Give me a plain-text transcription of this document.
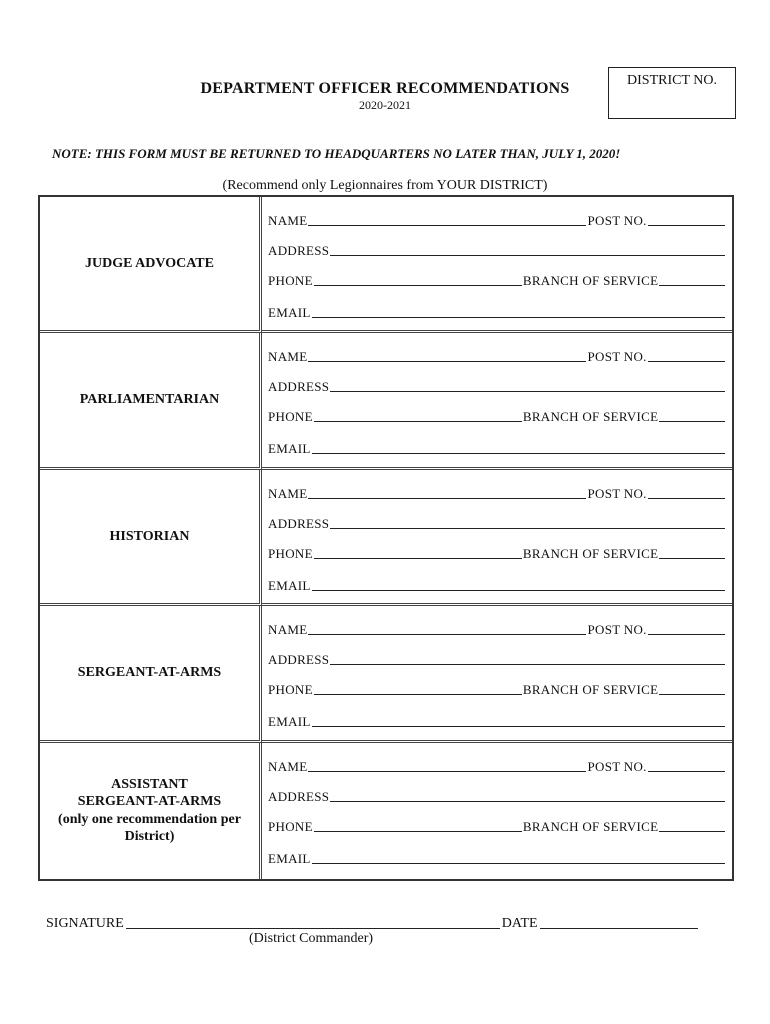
DEPARTMENT OFFICER RECOMMENDATIONS
2020-2021
DISTRICT NO.
NOTE: THIS FORM MUST BE RETURNED TO HEADQUARTERS NO LATER THAN, JULY 1, 2020!
(Recommend only Legionnaires from YOUR DISTRICT)
JUDGE ADVOCATE
NAME	POST NO.
ADDRESS
PHONE	BRANCH OF SERVICE
EMAIL
PARLIAMENTARIAN
NAME	POST NO.
ADDRESS
PHONE	BRANCH OF SERVICE
EMAIL
HISTORIAN
NAME	POST NO.
ADDRESS
PHONE	BRANCH OF SERVICE
EMAIL
SERGEANT-AT-ARMS
NAME	POST NO.
ADDRESS
PHONE	BRANCH OF SERVICE
EMAIL
ASSISTANT SERGEANT-AT-ARMS
(only one recommendation per District)
NAME	POST NO.
ADDRESS
PHONE	BRANCH OF SERVICE
EMAIL
SIGNATURE	DATE
(District Commander)
